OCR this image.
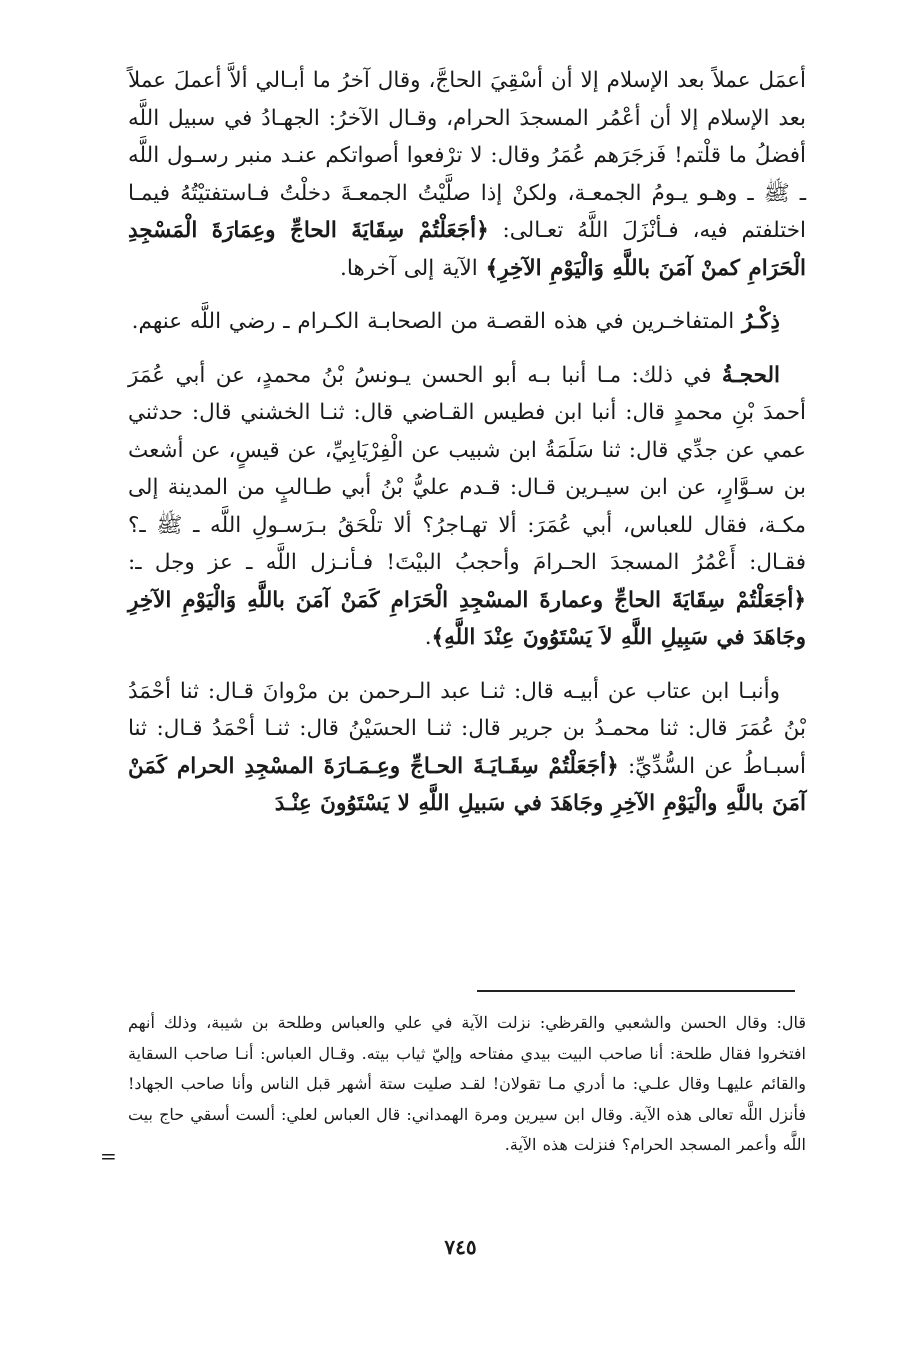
أعمَل عملاً بعد الإسلام إلا أن أسْقِيَ الحاجَّ، وقال آخرُ ما أبـالي ألاَّ أعملَ عملاً بعد الإسلام إلا أن أعْمُر المسجدَ الحرام، وقـال الآخرُ: الجهـادُ في سبيل اللَّه أفضلُ ما قلْتم! فَزجَرَهم عُمَرُ وقال: لا ترْفعوا أصواتكم عنـد منبر رسـول اللَّه ـ ﷺ ـ وهـو يـومُ الجمعـة، ولكنْ إذا صلَّيْتُ الجمعـةَ دخلْتُ فـاستفتيْتُهُ فيمـا اختلفتم فيه، فـأنْزَلَ اللَّهُ تعـالى: ﴿أجَعَلْتُمْ سِقَايَةَ الحاجِّ وعِمَارَةَ الْمَسْجِدِ الْحَرَامِ كمنْ آمَنَ باللَّهِ وَالْيَوْمِ الآخِرِ﴾ الآية إلى آخرها.

ذِكْـرُ المتفاخـرين في هذه القصـة من الصحابـة الكـرام ـ رضي اللَّه عنهم.

الحجـةُ في ذلك: مـا أنبا بـه أبو الحسن يـونسُ بْنُ محمدٍ، عن أبي عُمَرَ أحمدَ بْنِ محمدٍ قال: أنبا ابن فطيس القـاضي قال: ثنـا الخشني قال: حدثني عمي عن جدِّي قال: ثنا سَلَمَةُ ابن شبيب عن الْفِرْيَابِيِّ، عن قيسٍ، عن أشعث بن سـوَّارٍ، عن ابن سيـرين قـال: قـدم عليُّ بْنُ أبي طـالبٍ من المدينة إلى مكـة، فقال للعباس، أبي عُمَرَ: ألا تهـاجرُ؟ ألا تلْحَقُ بـرَسـولِ اللَّه ـ ﷺ ـ؟ فقـال: أَعْمُرُ المسجدَ الحـرامَ وأحجبُ البيْتَ! فـأنـزل اللَّه ـ عز وجل ـ: ﴿أجَعَلْتُمْ سِقَايَةَ الحاجِّ وعمارةَ المسْجِدِ الْحَرَامِ كَمَنْ آمَنَ باللَّهِ وَالْيَوْمِ الآخِرِ وجَاهَدَ في سَبِيلِ اللَّهِ لاَ يَسْتَوُونَ عِنْدَ اللَّهِ﴾.

وأنبـا ابن عتاب عن أبيـه قال: ثنـا عبد الـرحمن بن مرْوانَ قـال: ثنا أحْمَدُ بْنُ عُمَرَ قال: ثنا محمـدُ بن جرير قال: ثنـا الحسَيْنُ قال: ثنـا أحْمَدُ قـال: ثنا أسبـاطُ عن السُّدِّيِّ: ﴿أجَعَلْتُمْ سِقَـايَـةَ الحـاجِّ وعِـمَـارَةَ المسْجِدِ الحرام كَمَنْ آمَنَ باللَّهِ والْيَوْمِ الآخِرِ وجَاهَدَ في سَبيلِ اللَّهِ لا يَسْتَوُونَ عِنْـدَ

قال: وقال الحسن والشعبي والقرظي: نزلت الآية في علي والعباس وطلحة بن شيبة، وذلك أنهم افتخروا فقال طلحة: أنا صاحب البيت بيدي مفتاحه وإليّ ثياب بيته. وقـال العباس: أنـا صاحب السقاية والقائم عليهـا وقال علـي: ما أدري مـا تقولان! لقـد صليت ستة أشهر قبل الناس وأنا صاحب الجهاد! فأنزل اللَّه تعالى هذه الآية. وقال ابن سيرين ومرة الهمداني: قال العباس لعلي: ألست أسقي حاج بيت اللَّه وأعمر المسجد الحرام؟ فنزلت هذه الآية.

=
٧٤٥
